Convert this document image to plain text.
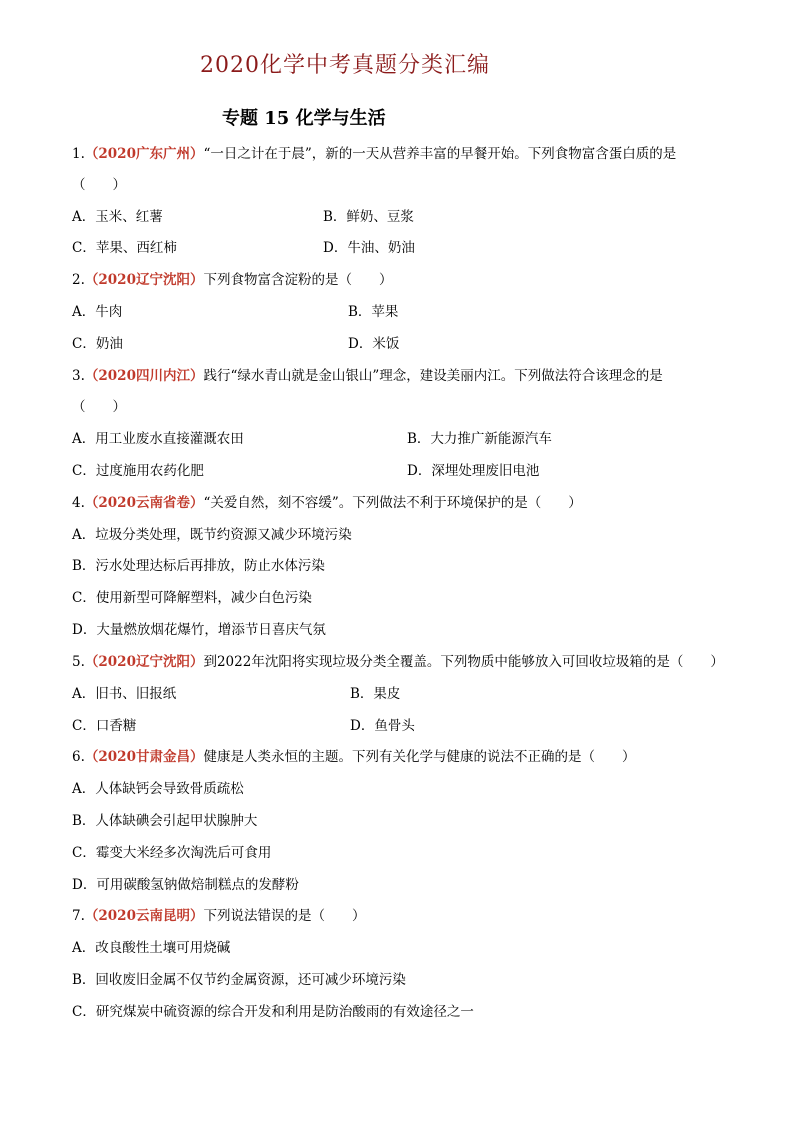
2020化学中考真题分类汇编
专题 15 化学与生活
1.（2020广东广州）“一日之计在于晨”，新的一天从营养丰富的早餐开始。下列食物富含蛋白质的是
（　　）
A．玉米、红薯	B．鲜奶、豆浆
C．苹果、西红柿	D．牛油、奶油
2.（2020辽宁沈阳）下列食物富含淀粉的是（　　）
A．牛肉	B．苹果
C．奶油	D．米饭
3.（2020四川内江）践行“绿水青山就是金山银山”理念，建设美丽内江。下列做法符合该理念的是
（　　）
A．用工业废水直接灌溉农田	B．大力推广新能源汽车
C．过度施用农药化肥	D．深埋处理废旧电池
4.（2020云南省卷）“关爱自然，刻不容缓”。下列做法不利于环境保护的是（　　）
A．垃圾分类处理，既节约资源又减少环境污染
B．污水处理达标后再排放，防止水体污染
C．使用新型可降解塑料，减少白色污染
D．大量燃放烟花爆竹，增添节日喜庆气氛
5.（2020辽宁沈阳）到2022年沈阳将实现垃圾分类全覆盖。下列物质中能够放入可回收垃圾箱的是（　　）
A．旧书、旧报纸	B．果皮
C．口香糖	D．鱼骨头
6.（2020甘肃金昌）健康是人类永恒的主题。下列有关化学与健康的说法不正确的是（　　）
A．人体缺钙会导致骨质疏松
B．人体缺碘会引起甲状腺肿大
C．霉变大米经多次淘洗后可食用
D．可用碳酸氢钠做焙制糕点的发酵粉
7.（2020云南昆明）下列说法错误的是（　　）
A．改良酸性土壤可用烧碱
B．回收废旧金属不仅节约金属资源，还可减少环境污染
C．研究煤炭中硫资源的综合开发和利用是防治酸雨的有效途径之一
